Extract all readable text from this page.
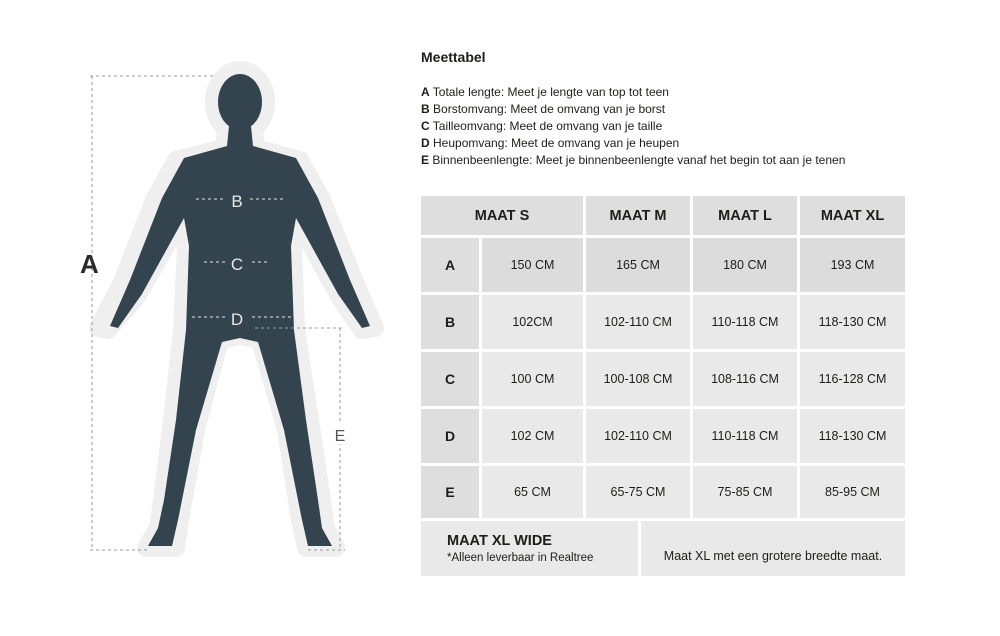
A
B
C
D
E
Meettabel
A Totale lengte: Meet je lengte van top tot teen
B Borstomvang: Meet de omvang van je borst
C Tailleomvang: Meet de omvang van je taille
D Heupomvang: Meet de omvang van je heupen
E Binnenbeenlengte: Meet je binnenbeenlengte vanaf het begin tot aan je tenen
MAAT S	MAAT M	MAAT L	MAAT XL
A	150 CM	165 CM	180 CM	193 CM
B	102CM	102-110 CM	110-118 CM	118-130 CM
C	100 CM	100-108 CM	108-116 CM	116-128 CM
D	102 CM	102-110 CM	110-118 CM	118-130 CM
E	65 CM	65-75 CM	75-85 CM	85-95 CM
MAAT XL WIDE
*Alleen leverbaar in Realtree	Maat XL met een grotere breedte maat.
